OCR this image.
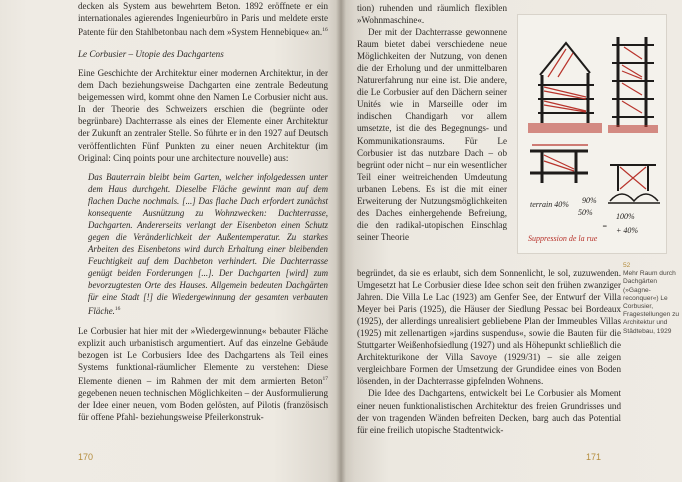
decken als System aus bewehrtem Beton. 1892 eröffnete er ein internationales agierendes Ingenieurbüro in Paris und meldete erste Patente für den Stahlbetonbau nach dem »System Hennebique« an.$^{16}$

Le Corbusier – Utopie des Dachgartens

Eine Geschichte der Architektur einer modernen Architektur, in der dem Dach beziehungsweise Dachgarten eine zentrale Bedeutung beigemessen wird, kommt ohne den Namen Le Corbusier nicht aus. In der Theorie des Schweizers erschien die (begrünte oder begrünbare) Dachterrasse als eines der Elemente einer Architektur der Zukunft an zentraler Stelle. So führte er in den 1927 auf Deutsch veröffentlichten Fünf Punkten zu einer neuen Architektur (im Original: Cinq points pour une architecture nouvelle) aus:

Das Bauterrain bleibt beim Garten, welcher infolgedessen unter dem Haus durchgeht. Dieselbe Fläche gewinnt man auf dem flachen Dache nochmals. [...] Das flache Dach erfordert zunächst konsequente Ausnützung zu Wohnzwecken: Dachterrasse, Dachgarten. Andererseits verlangt der Eisenbeton einen Schutz gegen die Veränderlichkeit der Außentemperatur. Zu starkes Arbeiten des Eisenbetons wird durch Erhaltung einer bleibenden Feuchtigkeit auf dem Dachbeton verhindert. Die Dachterrasse genügt beiden Forderungen [...]. Der Dachgarten [wird] zum bevorzugtesten Orte des Hauses. Allgemein bedeuten Dachgärten für eine Stadt [!] die Wiedergewinnung der gesamten verbauten Fläche.$^{16}$

Le Corbusier hat hier mit der »Wiedergewinnung« bebauter Fläche explizit auch urbanistisch argumentiert. Auf das einzelne Gebäude bezogen ist Le Corbusiers Idee des Dachgartens als Teil eines Systems funktional-räumlicher Elemente zu verstehen: Diese Elemente dienen – im Rahmen der mit dem armierten Beton$^{17}$ gegebenen neuen technischen Möglichkeiten – der Ausformulierung der Idee einer neuen, vom Boden gelösten, auf Pilotis (französisch für offene Pfahl- beziehungsweise Pfeilerkonstruk-

170

tion) ruhenden und räumlich flexiblen »Wohnmaschine«.

Der mit der Dachterrasse gewonnene Raum bietet dabei verschiedene neue Möglichkeiten der Nutzung, von denen die der Erholung und der unmittelbaren Naturerfahrung nur eine ist. Die andere, die Le Corbusier auf den Dächern seiner Unités wie in Marseille oder im indischen Chandigarh vor allem umsetzte, ist die des Begegnungs- und Kommunikationsraums. Für Le Corbusier ist das nutzbare Dach – ob begrünt oder nicht – nur ein wesentlicher Teil einer weitreichenden Umdeutung urbanen Lebens. Es ist die mit einer Erweiterung der Nutzungsmöglichkeiten des Daches einhergehende Befreiung, die den radikal-utopischen Einschlag seiner Theorie

begründet, da sie es erlaubt, sich dem Sonnenlicht, le sol, zuzuwenden. Umgesetzt hat Le Corbusier diese Idee schon seit den frühen zwanziger Jahren. Die Villa Le Lac (1923) am Genfer See, der Entwurf der Villa Meyer bei Paris (1925), die Häuser der Siedlung Pessac bei Bordeaux (1925), der allerdings unrealisiert gebliebene Plan der Immeubles Villas (1925) mit zellenartigen »jardins suspendus«, sowie die Bauten für die Stuttgarter Weißenhofsiedlung (1927) und als Höhepunkt schließlich die Architekturikone der Villa Savoye (1929/31) – sie alle zeigen vergleichbare Formen der Umsetzung der Grundidee eines von Boden lösenden, in der Dachterrasse gipfelnden Wohnens.

Die Idee des Dachgartens, entwickelt bei Le Corbusier als Moment einer neuen funktionalistischen Architektur des freien Grundrisses und der von tragenden Wänden befreiten Decken, barg auch das Potential für eine freilich utopische Stadtentwick-

terrain 40% 90%
50%	100%
= + 40%
Suppression de la rue
52
Mehr Raum durch Dachgärten (»Gagne-reconquer«) Le Corbusier, Fragestellungen zu Architektur und Städtebau, 1929
171
